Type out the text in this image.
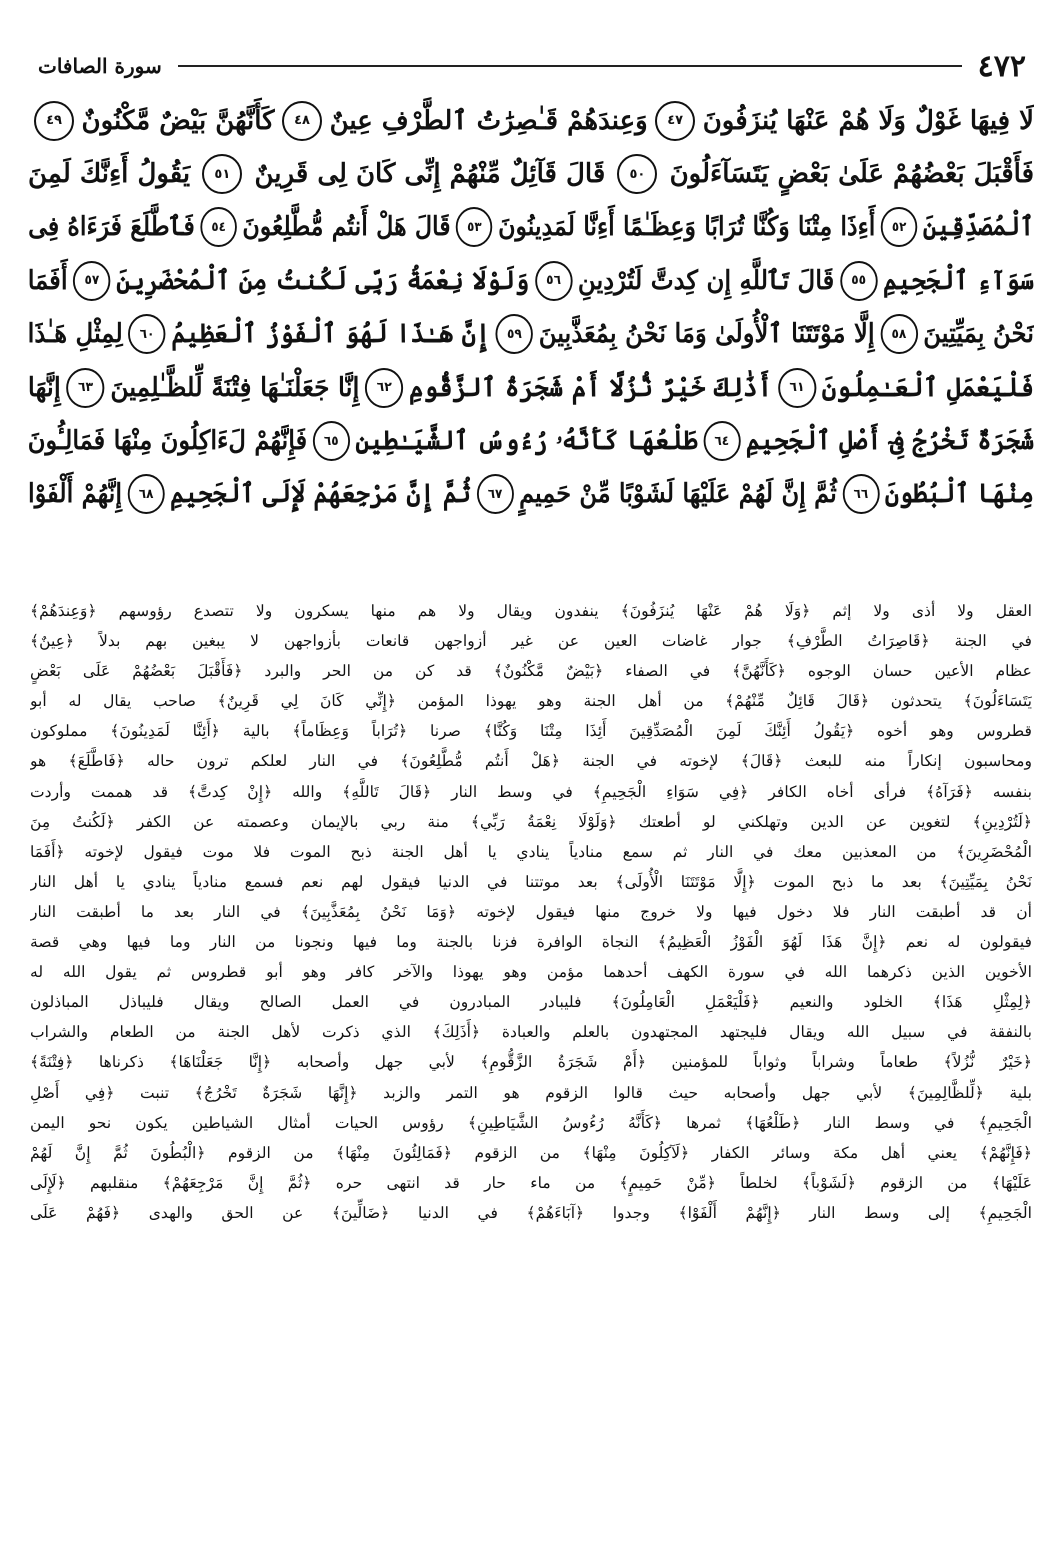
٤٧٢
سورة الصافات
لَا فِيهَا غَوْلٌ وَلَا هُمْ عَنْهَا يُنزَفُونَ
٤٧
وَعِندَهُمْ قَـٰصِرَٰتُ ٱلطَّرْفِ عِينٌ
٤٨
كَأَنَّهُنَّ بَيْضٌ مَّكْنُونٌ
٤٩
فَأَقْبَلَ بَعْضُهُمْ عَلَىٰ بَعْضٍ يَتَسَآءَلُونَ
٥٠
قَالَ قَآئِلٌ مِّنْهُمْ إِنِّى كَانَ لِى قَرِينٌ
٥١
يَقُولُ أَءِنَّكَ لَمِنَ
ٱلْمُصَدِّقِينَ
٥٢
أَءِذَا مِتْنَا وَكُنَّا تُرَابًا وَعِظَـٰمًا أَءِنَّا لَمَدِينُونَ
٥٣
قَالَ هَلْ أَنتُم مُّطَّلِعُونَ
٥٤
فَٱطَّلَعَ فَرَءَاهُ فِى
سَوَآءِ ٱلْجَحِيمِ
٥٥
قَالَ تَٱللَّهِ إِن كِدتَّ لَتُرْدِينِ
٥٦
وَلَوْلَا نِعْمَةُ رَبِّى لَكُنتُ مِنَ ٱلْمُحْضَرِينَ
٥٧
أَفَمَا
نَحْنُ بِمَيِّتِينَ
٥٨
إِلَّا مَوْتَتَنَا ٱلْأُولَىٰ وَمَا نَحْنُ بِمُعَذَّبِينَ
٥٩
إِنَّ هَـٰذَا لَهُوَ ٱلْفَوْزُ ٱلْعَظِيمُ
٦٠
لِمِثْلِ هَـٰذَا
فَلْيَعْمَلِ ٱلْعَـٰمِلُونَ
٦١
أَذَٰلِكَ خَيْرٌ نُّزُلًا أَمْ شَجَرَةُ ٱلزَّقُّومِ
٦٢
إِنَّا جَعَلْنَـٰهَا فِتْنَةً لِّلظَّـٰلِمِينَ
٦٣
إِنَّهَا
شَجَرَةٌ تَخْرُجُ فِىٓ أَصْلِ ٱلْجَحِيمِ
٦٤
طَلْعُهَا كَأَنَّهُۥ رُءُوسُ ٱلشَّيَـٰطِينِ
٦٥
فَإِنَّهُمْ لَءَاكِلُونَ مِنْهَا فَمَالِـُٔونَ
مِنْهَا ٱلْبُطُونَ
٦٦
ثُمَّ إِنَّ لَهُمْ عَلَيْهَا لَشَوْبًا مِّنْ حَمِيمٍ
٦٧
ثُمَّ إِنَّ مَرْجِعَهُمْ لَإِلَى ٱلْجَحِيمِ
٦٨
إِنَّهُمْ أَلْفَوْا
العقل ولا أذى ولا إثم ﴿وَلَا هُمْ عَنْهَا يُنزَفُونَ﴾ ينفدون ويقال ولا هم منها يسكرون ولا تتصدع رؤوسهم ﴿وَعِندَهُمْ﴾
في الجنة ﴿قَاصِرَاتُ الطَّرْفِ﴾ جوار غاضات العين عن غير أزواجهن قانعات بأزواجهن لا يبغين بهم بدلاً ﴿عِينٌ﴾
عظام الأعين حسان الوجوه ﴿كَأَنَّهُنَّ﴾ في الصفاء ﴿بَيْضٌ مَّكْنُونٌ﴾ قد كن من الحر والبرد ﴿فَأَقْبَلَ بَعْضُهُمْ عَلَى بَعْضٍ
يَتَسَاءَلُونَ﴾ يتحدثون ﴿قَالَ قَائِلٌ مِّنْهُمْ﴾ من أهل الجنة وهو يهوذا المؤمن ﴿إِنِّي كَانَ لِي قَرِينٌ﴾ صاحب يقال له أبو
قطروس وهو أخوه ﴿يَقُولُ أَئِنَّكَ لَمِنَ الْمُصَدِّقِينَ أَئِذَا مِتْنَا وَكُنَّا﴾ صرنا ﴿تُرَاباً وَعِظَاماً﴾ بالية ﴿أَئِنَّا لَمَدِينُونَ﴾ مملوكون
ومحاسبون إنكاراً منه للبعث ﴿قَالَ﴾ لإخوته في الجنة ﴿هَلْ أَنتُم مُّطَّلِعُونَ﴾ في النار لعلكم ترون حاله ﴿فَاطَّلَعَ﴾ هو
بنفسه ﴿فَرَآهُ﴾ فرأى أخاه الكافر ﴿فِي سَوَاءِ الْجَحِيمِ﴾ في وسط النار ﴿قَالَ تَاللَّهِ﴾ والله ﴿إِنْ كِدتَّ﴾ قد هممت وأردت
﴿لَتُرْدِينِ﴾ لتغوين عن الدين وتهلكني لو أطعتك ﴿وَلَوْلَا نِعْمَةُ رَبِّي﴾ منة ربي بالإيمان وعصمته عن الكفر ﴿لَكُنتُ مِنَ
الْمُحْضَرِينَ﴾ من المعذبين معك في النار ثم سمع منادياً ينادي يا أهل الجنة ذبح الموت فلا موت فيقول لإخوته ﴿أَفَمَا
نَحْنُ بِمَيِّتِينَ﴾ بعد ما ذبح الموت ﴿إِلَّا مَوْتَتَنَا الْأُولَى﴾ بعد موتتنا في الدنيا فيقول لهم نعم فسمع منادياً ينادي يا أهل النار
أن قد أطبقت النار فلا دخول فيها ولا خروج منها فيقول لإخوته ﴿وَمَا نَحْنُ بِمُعَذَّبِينَ﴾ في النار بعد ما أطبقت النار
فيقولون له نعم ﴿إِنَّ هَذَا لَهُوَ الْفَوْزُ الْعَظِيمُ﴾ النجاة الوافرة فزنا بالجنة وما فيها ونجونا من النار وما فيها وهي قصة
الأخوين الذين ذكرهما الله في سورة الكهف أحدهما مؤمن وهو يهوذا والآخر كافر وهو أبو قطروس ثم يقول الله له
﴿لِمِثْلِ هَذَا﴾ الخلود والنعيم ﴿فَلْيَعْمَلِ الْعَامِلُونَ﴾ فليبادر المبادرون في العمل الصالح ويقال فليباذل المباذلون
بالنفقة في سبيل الله ويقال فليجتهد المجتهدون بالعلم والعبادة ﴿أَذَلِكَ﴾ الذي ذكرت لأهل الجنة من الطعام والشراب
﴿خَيْرٌ نُّزُلاً﴾ طعاماً وشراباً وثواباً للمؤمنين ﴿أَمْ شَجَرَةُ الزَّقُّومِ﴾ لأبي جهل وأصحابه ﴿إِنَّا جَعَلْنَاهَا﴾ ذكرناها ﴿فِتْنَةً﴾
بلية ﴿لِّلظَّالِمِينَ﴾ لأبي جهل وأصحابه حيث قالوا الزقوم هو التمر والزبد ﴿إِنَّهَا شَجَرَةٌ تَخْرُجُ﴾ تنبت ﴿فِي أَصْلِ
الْجَحِيمِ﴾ في وسط النار ﴿طَلْعُهَا﴾ ثمرها ﴿كَأَنَّهُ رُءُوسُ الشَّيَاطِينِ﴾ رؤوس الحيات أمثال الشياطين يكون نحو اليمن
﴿فَإِنَّهُمْ﴾ يعني أهل مكة وسائر الكفار ﴿لَآكِلُونَ مِنْهَا﴾ من الزقوم ﴿فَمَالِئُونَ مِنْهَا﴾ من الزقوم ﴿الْبُطُونَ ثُمَّ إِنَّ لَهُمْ
عَلَيْهَا﴾ من الزقوم ﴿لَشَوْباً﴾ لخلطاً ﴿مِّنْ حَمِيمٍ﴾ من ماء حار قد انتهى حره ﴿ثُمَّ إِنَّ مَرْجِعَهُمْ﴾ منقلبهم ﴿لَإِلَى
الْجَحِيمِ﴾ إلى وسط النار ﴿إِنَّهُمْ أَلْفَوْا﴾ وجدوا ﴿آبَاءَهُمْ﴾ في الدنيا ﴿ضَالِّينَ﴾ عن الحق والهدى ﴿فَهُمْ عَلَى
